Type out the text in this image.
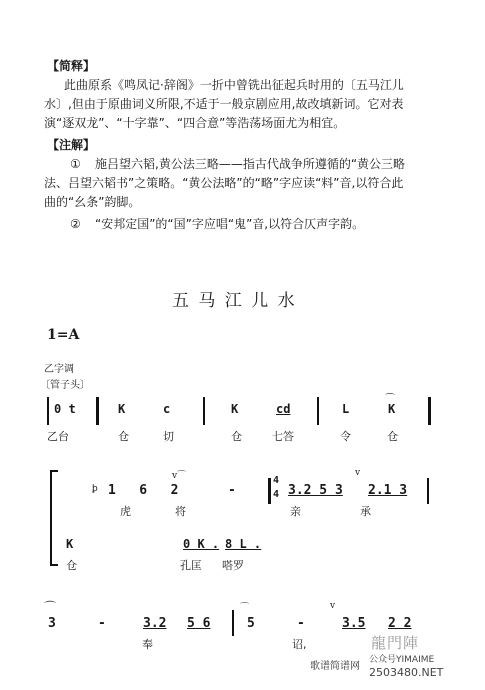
【简释】
此曲原系《鸣凤记·辞阁》一折中曾铣出征起兵时用的〔五马江儿
水〕,但由于原曲词义所限,不适于一般京剧应用,故改填新词。它对表
演“逐双龙”、“十字靠”、“四合意”等浩荡场面尤为相宜。
【注解】
① 施吕望六韬,黄公法三略——指古代战争所遵循的“黄公三略
法、吕望六韬书”之策略。“黄公法略”的“略”字应读“料”音,以符合此
曲的“幺条”韵脚。
② “安邦定国”的“国”字应唱“鬼”音,以符合仄声字韵。
五 马 江 儿 水
1=A
乙字调
〔管子头〕
0 t	K	c	K	cd	L	K
⌒
乙台	仓	切	仓	七答	令	仓
ꝧ 1   6   2
v⌒
-
4
4 3.2 5 3
v
2.1 3
虎	将	亲	承
K	0 K . 8 L .
仓	孔匡 嗒罗
⌒
3	-	3.2 5 6	5
⌒
-
v
3.5 2 2
奉	诏,	龍門陣
歌谱简谱网
公众号YIMAIME
2503480.NET
